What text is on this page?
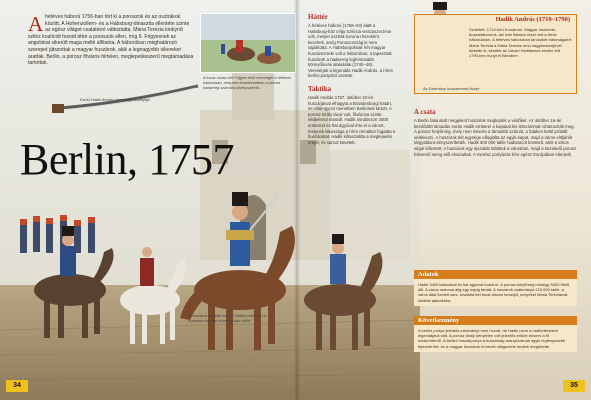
A hétéves háború 1756-ban tört ki a poroszok és az osztrákok között. A Hohenzollern- és a Habsburg-dinasztia ellentéte szinte az egész világot csatatérré változtatta. Mária Terézia királynő sziléz koalíciót hozott létre a poroszok ellen, míg II. Frigyesnek az angolokat sikerült maga mellé állítania. A háborúban meghatározó szerepet játszottak a magyar huszárok, akik a legnagyobb sikereket aratták. Berlin, a porosz főváros hirtelen, meglepetésszerű megtámadása tartottak.
Ezüst Hadik András tábornagy szablyája
Berlin, 1757
A lovas csata volt Frigyes első vereségei a hétéves háborúban, melynek következtében a porosz hadsereg számára kikényszerült.
A huszárok lángoló sebbel-lobbal rontottak rá a porosz ezredre a berlini kapu előtt
Háttér
A hétéves háború (1756–63) alatt a Habsburg-ház célja Szilézia visszaszerzése volt, melyet osztrák korona részeként kezeltek, amíg Poroszország ki nem sajátította. A Habsburgoknak hét magyar huszárezrede volt a háborúban; a tapasztalt huszárok a hadsereg legfontosabb könnyűlovas alakulatai (1740–48). Vereségük a legendás Hadik András, a híres berlini portyázó vezette.
Taktika
Hadik András 1757. október 10-én huszárjaival elhagyta a Brandenburgi határt, és villámgyors menetben Berlinnek tartott. A porosz király távol volt, fővárosa szinte védtelenül maradt. Hadik mindössze 3400 emberrel és hat ágyúval érte el a várost, melynek lakossága a hírre rémülten fogadta a huszárokat. Hadik kihasználta a meglepetés erejét, és sarcot követelt.
Hadik András (1710–1790)
Született: 1710-ben Komárom. Magyar hadvezér, huszártábornok, aki már fiatalon részt vett a török háborúkban. A hétéves háborúban tanúsított bátorságáért Mária Terézia a Mária Terézia-rend nagykeresztjével tüntette ki, később az Udvari Haditanács elnöke lett. 1790-ben hunyt el Bécsben.
Az Esterházy huszárezred tisztje
A csata
A Berlin falai alatt megjelent huszárok meglepték a védőket. Az október 16-án kezdődött támadás során Hadik emberei a kapukat kis létszámmal rohamozták meg. A porosz helyőrség, mely nem ismerte a támadók számát, a falakon belül próbált védekezni. A huszárok két egysége elfoglalta az egyik kaput, majd a város elöljáróit tárgyalásra kényszerítették. Hadik 300 000 tallér hadisarcot követelt, amit a város végül kifizetett. A huszárok egy éjszakát töltöttek a városban, majd a közeledő porosz felmentő sereg elől elvonultak. A merész portyázás híre egész Európában elterjedt.
Adatok
Hadik 3400 katonával és hat ágyúval indult el. A porosz helyőrség mintegy 5000 főből állt. A város ostroma alig egy napig tartott. A huszárok zsákmánya 215 000 tallér, a város által fizetett sarc, továbbá két tucat díszes kesztyű, melyeket Mária Teréziának küldtek ajándékba.
Következmény
A berlini portya jelentős eredményt nem hozott, de Hadik neve a hadtörténelem legendájává vált. A porosz király kénytelen volt jelentős erőket elvonni a fő hadszíntérről. A berlini huszárportya a huszárság aranykorának egyik legfényesebb fejezete lett, és a magyar huszárok hírnevét világszerte tovább öregbítette.
34	35
